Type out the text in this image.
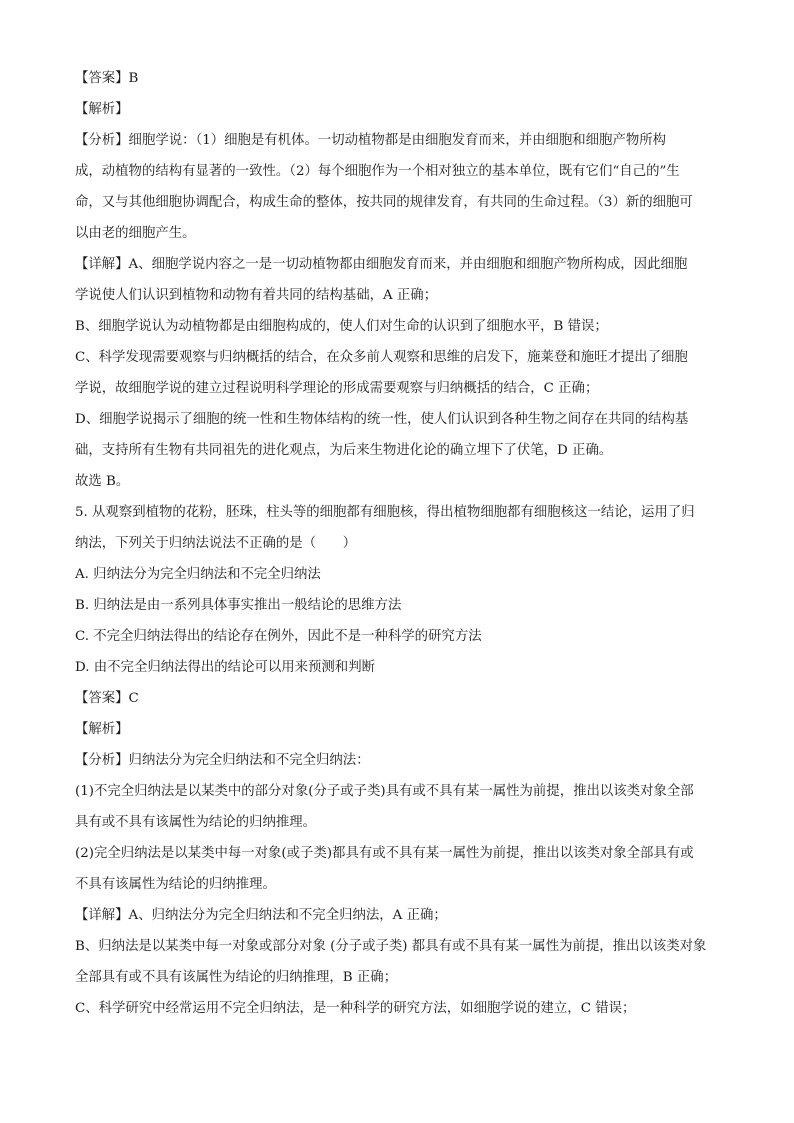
【答案】B
【解析】
【分析】细胞学说：（1）细胞是有机体。一切动植物都是由细胞发育而来，并由细胞和细胞产物所构
成，动植物的结构有显著的一致性。（2）每个细胞作为一个相对独立的基本单位，既有它们“自己的”生
命，又与其他细胞协调配合，构成生命的整体，按共同的规律发育，有共同的生命过程。（3）新的细胞可
以由老的细胞产生。
【详解】A、细胞学说内容之一是一切动植物都由细胞发育而来，并由细胞和细胞产物所构成，因此细胞
学说使人们认识到植物和动物有着共同的结构基础，A 正确；
B、细胞学说认为动植物都是由细胞构成的，使人们对生命的认识到了细胞水平，B 错误；
C、科学发现需要观察与归纳概括的结合，在众多前人观察和思维的启发下，施莱登和施旺才提出了细胞
学说，故细胞学说的建立过程说明科学理论的形成需要观察与归纳概括的结合，C 正确；
D、细胞学说揭示了细胞的统一性和生物体结构的统一性，使人们认识到各种生物之间存在共同的结构基
础，支持所有生物有共同祖先的进化观点，为后来生物进化论的确立埋下了伏笔，D 正确。
故选 B。
5. 从观察到植物的花粉，胚珠，柱头等的细胞都有细胞核，得出植物细胞都有细胞核这一结论，运用了归
纳法，下列关于归纳法说法不正确的是（　　）
A. 归纳法分为完全归纳法和不完全归纳法
B. 归纳法是由一系列具体事实推出一般结论的思维方法
C. 不完全归纳法得出的结论存在例外，因此不是一种科学的研究方法
D. 由不完全归纳法得出的结论可以用来预测和判断
【答案】C
【解析】
【分析】归纳法分为完全归纳法和不完全归纳法：
(1)不完全归纳法是以某类中的部分对象(分子或子类)具有或不具有某一属性为前提，推出以该类对象全部
具有或不具有该属性为结论的归纳推理。
(2)完全归纳法是以某类中每一对象(或子类)都具有或不具有某一属性为前提，推出以该类对象全部具有或
不具有该属性为结论的归纳推理。
【详解】A、归纳法分为完全归纳法和不完全归纳法，A 正确；
B、归纳法是以某类中每一对象或部分对象 (分子或子类) 都具有或不具有某一属性为前提，推出以该类对象
全部具有或不具有该属性为结论的归纳推理，B 正确；
C、科学研究中经常运用不完全归纳法，是一种科学的研究方法，如细胞学说的建立，C 错误；
